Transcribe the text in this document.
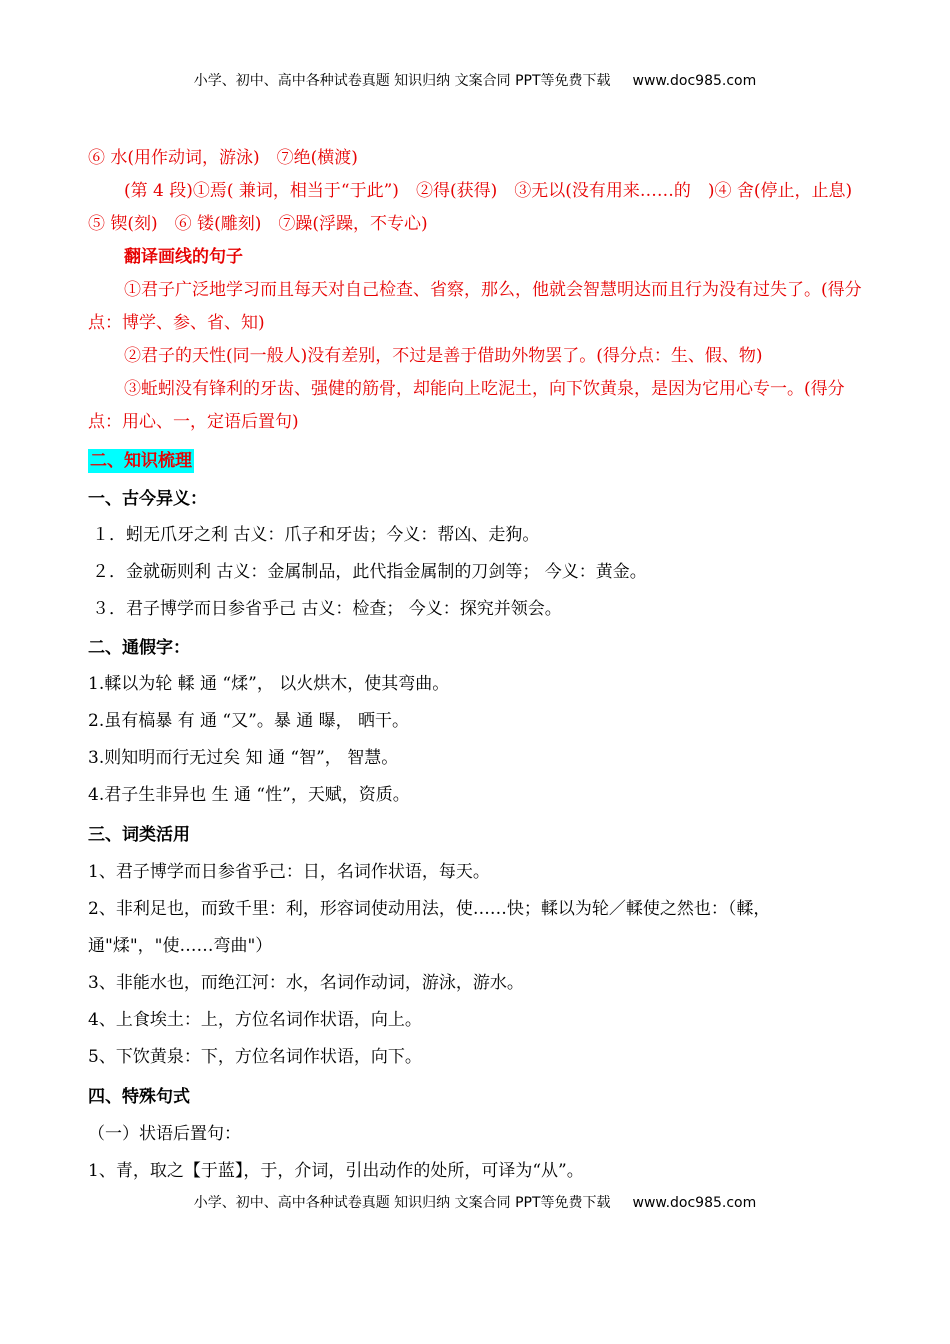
小学、初中、高中各种试卷真题 知识归纳 文案合同 PPT等免费下载 www.doc985.com
⑥ 水(用作动词，游泳)　⑦绝(横渡)
(第 4 段)①焉( 兼词，相当于“于此”)　②得(获得)　③无以(没有用来……的　)④ 舍(停止，止息)　⑤ 锲(刻)　⑥ 镂(雕刻)　⑦躁(浮躁，不专心)
翻译画线的句子
①君子广泛地学习而且每天对自己检查、省察，那么，他就会智慧明达而且行为没有过失了。(得分点：博学、参、省、知)
②君子的天性(同一般人)没有差别，不过是善于借助外物罢了。(得分点：生、假、物)
③蚯蚓没有锋利的牙齿、强健的筋骨，却能向上吃泥土，向下饮黄泉，是因为它用心专一。(得分点：用心、一，定语后置句)
二、知识梳理
一、古今异义：
１．蚓无爪牙之利 古义：爪子和牙齿；今义：帮凶、走狗。
２．金就砺则利 古义：金属制品，此代指金属制的刀剑等； 今义：黄金。
３．君子博学而日参省乎己 古义：检查； 今义：探究并领会。
二、通假字：
1.輮以为轮 輮 通 “煣”， 以火烘木，使其弯曲。
2.虽有槁暴 有 通 “又”。暴 通 曝， 晒干。
3.则知明而行无过矣 知 通 “智”， 智慧。
4.君子生非异也 生 通 “性”，天赋，资质。
三、词类活用
1、君子博学而日参省乎己：日，名词作状语，每天。
2、非利足也，而致千里：利，形容词使动用法，使……快；輮以为轮／輮使之然也：（輮，通"煣"，"使……弯曲"）
3、非能水也，而绝江河：水，名词作动词，游泳，游水。
4、上食埃土：上，方位名词作状语，向上。
5、下饮黄泉：下，方位名词作状语，向下。
四、特殊句式
（一）状语后置句：
1、青，取之【于蓝】，于，介词，引出动作的处所，可译为“从”。
小学、初中、高中各种试卷真题 知识归纳 文案合同 PPT等免费下载 www.doc985.com
